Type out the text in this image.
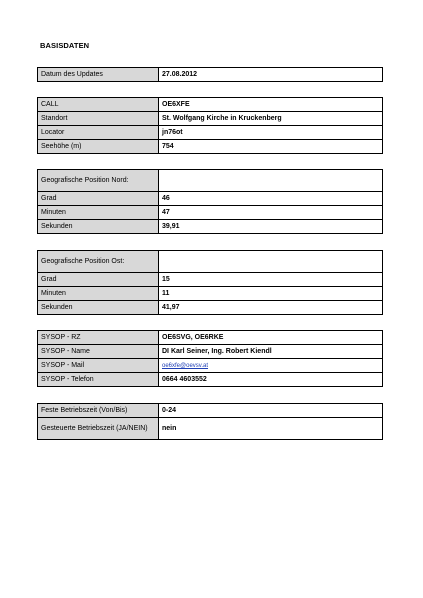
BASISDATEN
Datum des Updates	27.08.2012
CALL	OE6XFE
Standort	St. Wolfgang Kirche in Kruckenberg
Locator	jn76ot
Seehöhe (m)	754
Geografische Position Nord:	
Grad	46
Minuten	47
Sekunden	39,91
Geografische Position Ost:	
Grad	15
Minuten	11
Sekunden	41,97
SYSOP - RZ	OE6SVG, OE6RKE
SYSOP - Name	DI Karl Seiner, Ing. Robert Kiendl
SYSOP - Mail	oe6xfe@oevsv.at
SYSOP - Telefon	0664 4603552
Feste Betriebszeit (Von/Bis)	0-24
Gesteuerte Betriebszeit (JA/NEIN)	nein
